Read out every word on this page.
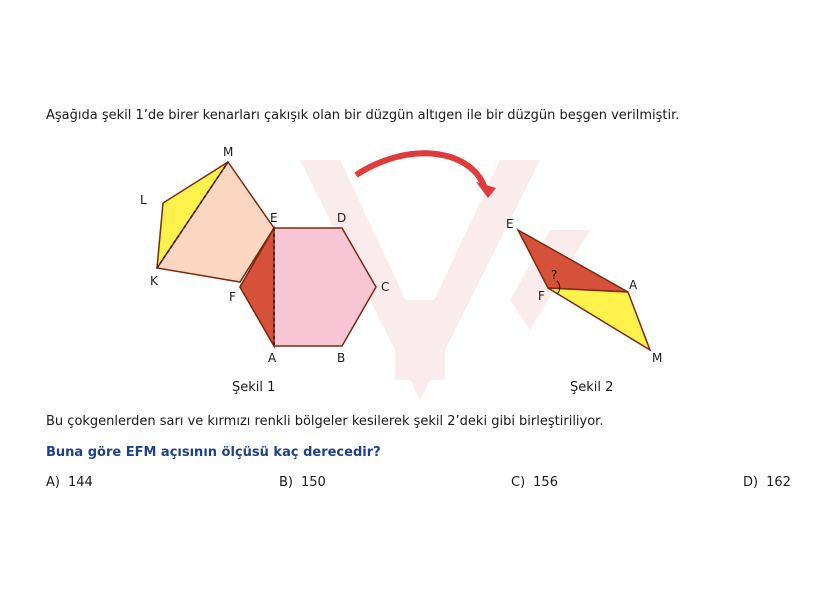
Aşağıda şekil 1’de birer kenarları çakışık olan bir düzgün altıgen ile bir düzgün beşgen verilmiştir.
M
L
K
E	D
C
B
A
F
Şekil 1
E
F
A
M
?
Şekil 2
Bu çokgenlerden sarı ve kırmızı renkli bölgeler kesilerek şekil 2’deki gibi birleştiriliyor.
Buna göre EFM açısının ölçüsü kaç derecedir?
A) 144	B) 150	C) 156	D) 162
